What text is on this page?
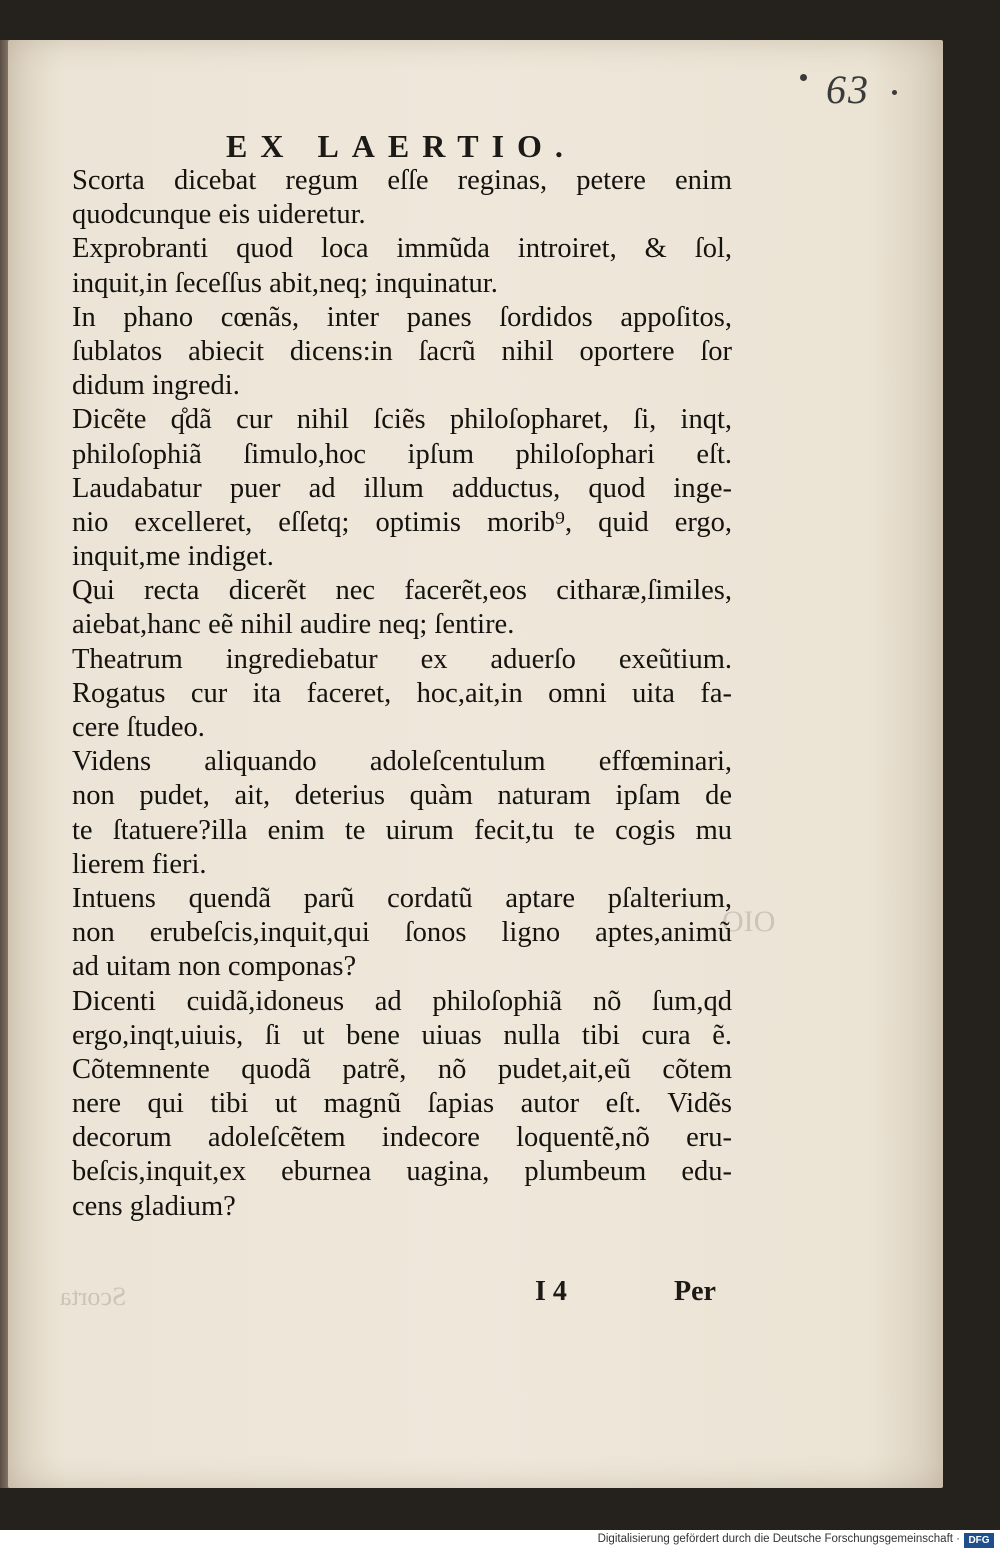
63
Scorta
ΟΙΟ
EX LAERTIO.
Scorta dicebat regum eſſe reginas, petere enim
quodcunque eis uideretur.
Exprobranti quod loca immũda introiret, & ſol,
inquit,in ſeceſſus abit,neq; inquinatur.
In phano cœnãs, inter panes ſordidos appoſitos,
ſublatos abiecit dicens:in ſacrũ nihil oportere ſor
didum ingredi.
Dicẽte q̊dã cur nihil ſciẽs philoſopharet, ſi, inqt,
philoſophiã ſimulo,hoc ipſum philoſophari eſt.
Laudabatur puer ad illum adductus, quod inge-
nio excelleret, eſſetq; optimis morib⁹, quid ergo,
inquit,me indiget.
Qui recta dicerẽt nec facerẽt,eos citharæ,ſimiles,
aiebat,hanc eẽ nihil audire neq; ſentire.
Theatrum ingrediebatur ex aduerſo exeũtium.
Rogatus cur ita faceret, hoc,ait,in omni uita fa-
cere ſtudeo.
Videns aliquando adoleſcentulum effœminari,
non pudet, ait, deterius quàm naturam ipſam de
te ſtatuere?illa enim te uirum fecit,tu te cogis mu
lierem fieri.
Intuens quendã parũ cordatũ aptare pſalterium,
non erubeſcis,inquit,qui ſonos ligno aptes,animũ
ad uitam non componas?
Dicenti cuidã,idoneus ad philoſophiã nõ ſum,qd
ergo,inqt,uiuis, ſi ut bene uiuas nulla tibi cura ẽ.
Cõtemnente quodã patrẽ, nõ pudet,ait,eũ cõtem
nere qui tibi ut magnũ ſapias autor eſt. Vidẽs
decorum adoleſcẽtem indecore loquentẽ,nõ eru-
beſcis,inquit,ex eburnea uagina, plumbeum edu-
cens gladium?
I 4	Per
Digitalisierung gefördert durch die Deutsche Forschungsgemeinschaft · DFG
